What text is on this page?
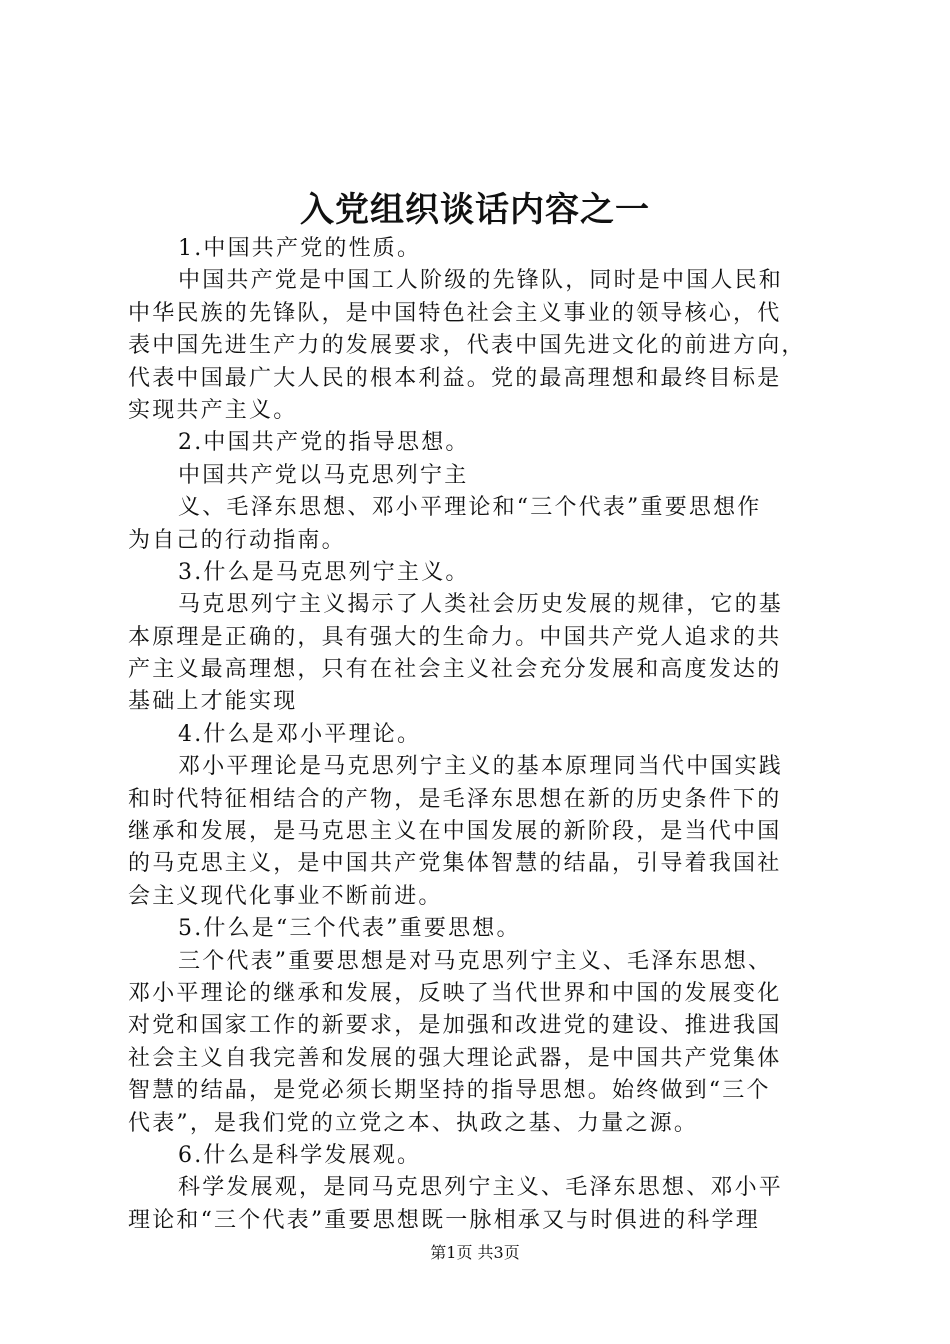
入党组织谈话内容之一
1.中国共产党的性质。
中国共产党是中国工人阶级的先锋队，同时是中国人民和
中华民族的先锋队，是中国特色社会主义事业的领导核心，代
表中国先进生产力的发展要求，代表中国先进文化的前进方向，
代表中国最广大人民的根本利益。党的最高理想和最终目标是
实现共产主义。
2.中国共产党的指导思想。
中国共产党以马克思列宁主
义、毛泽东思想、邓小平理论和“三个代表”重要思想作
为自己的行动指南。
3.什么是马克思列宁主义。
马克思列宁主义揭示了人类社会历史发展的规律，它的基
本原理是正确的，具有强大的生命力。中国共产党人追求的共
产主义最高理想，只有在社会主义社会充分发展和高度发达的
基础上才能实现
4.什么是邓小平理论。
邓小平理论是马克思列宁主义的基本原理同当代中国实践
和时代特征相结合的产物，是毛泽东思想在新的历史条件下的
继承和发展，是马克思主义在中国发展的新阶段，是当代中国
的马克思主义，是中国共产党集体智慧的结晶，引导着我国社
会主义现代化事业不断前进。
5.什么是“三个代表”重要思想。
三个代表”重要思想是对马克思列宁主义、毛泽东思想、
邓小平理论的继承和发展，反映了当代世界和中国的发展变化
对党和国家工作的新要求，是加强和改进党的建设、推进我国
社会主义自我完善和发展的强大理论武器，是中国共产党集体
智慧的结晶，是党必须长期坚持的指导思想。始终做到“三个
代表”，是我们党的立党之本、执政之基、力量之源。
6.什么是科学发展观。
科学发展观，是同马克思列宁主义、毛泽东思想、邓小平
理论和“三个代表”重要思想既一脉相承又与时俱进的科学理
第1页 共3页
